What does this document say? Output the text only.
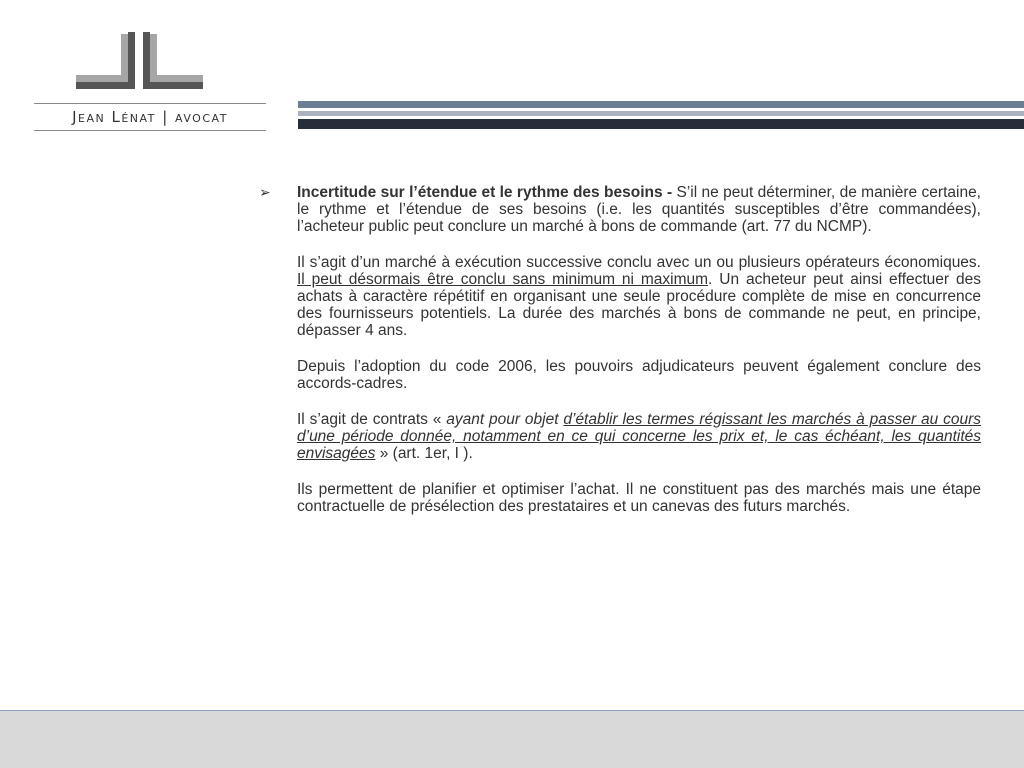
Jean Lénat | avocat
➢ Incertitude sur l’étendue et le rythme des besoins - S’il ne peut déterminer, de manière certaine, le rythme et l’étendue de ses besoins (i.e. les quantités susceptibles d’être commandées), l’acheteur public peut conclure un marché à bons de commande (art. 77 du NCMP).

Il s’agit d’un marché à exécution successive conclu avec un ou plusieurs opérateurs économiques. Il peut désormais être conclu sans minimum ni maximum. Un acheteur peut ainsi effectuer des achats à caractère répétitif en organisant une seule procédure complète de mise en concurrence des fournisseurs potentiels. La durée des marchés à bons de commande ne peut, en principe, dépasser 4 ans.

Depuis l’adoption du code 2006, les pouvoirs adjudicateurs peuvent également conclure des accords-cadres.

Il s’agit de contrats « ayant pour objet d’établir les termes régissant les marchés à passer au cours d’une période donnée, notamment en ce qui concerne les prix et, le cas échéant, les quantités envisagées » (art. 1er, I ).

Ils permettent de planifier et optimiser l’achat. Il ne constituent pas des marchés mais une étape contractuelle de présélection des prestataires et un canevas des futurs marchés.
